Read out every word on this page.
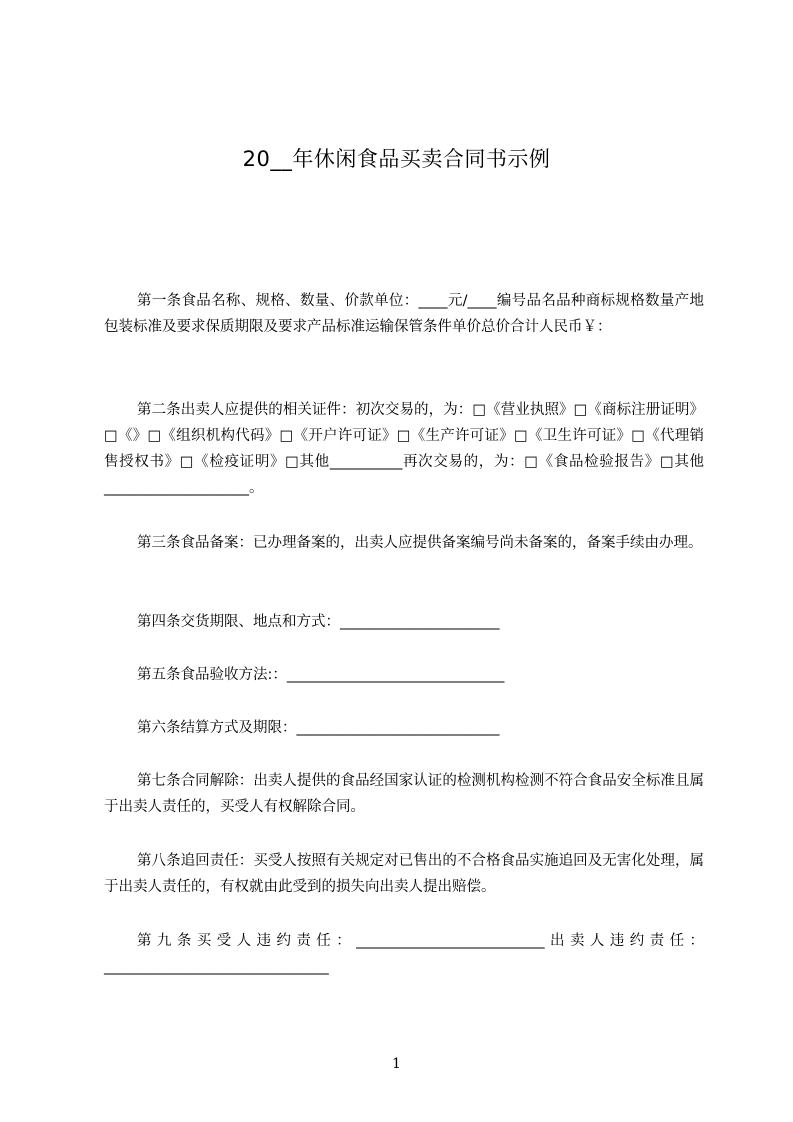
20__年休闲食品买卖合同书示例
第一条食品名称、规格、数量、价款单位：____元/____编号品名品种商标规格数量产地包装标准及要求保质期限及要求产品标准运输保管条件单价总价合计人民币￥：
第二条出卖人应提供的相关证件：初次交易的，为：□《营业执照》□《商标注册证明》□《》□《组织机构代码》□《开户许可证》□《生产许可证》□《卫生许可证》□《代理销售授权书》□《检疫证明》□其他__________再次交易的，为：□《食品检验报告》□其他____________________。
第三条食品备案：已办理备案的，出卖人应提供备案编号尚未备案的，备案手续由办理。
第四条交货期限、地点和方式：______________________
第五条食品验收方法:：______________________________
第六条结算方式及期限：____________________________
第七条合同解除：出卖人提供的食品经国家认证的检测机构检测不符合食品安全标准且属于出卖人责任的，买受人有权解除合同。
第八条追回责任：买受人按照有关规定对已售出的不合格食品实施追回及无害化处理，属于出卖人责任的，有权就由此受到的损失向出卖人提出赔偿。
第九条买受人违约责任：__________________________出卖人违约责任：_______________________________
1
